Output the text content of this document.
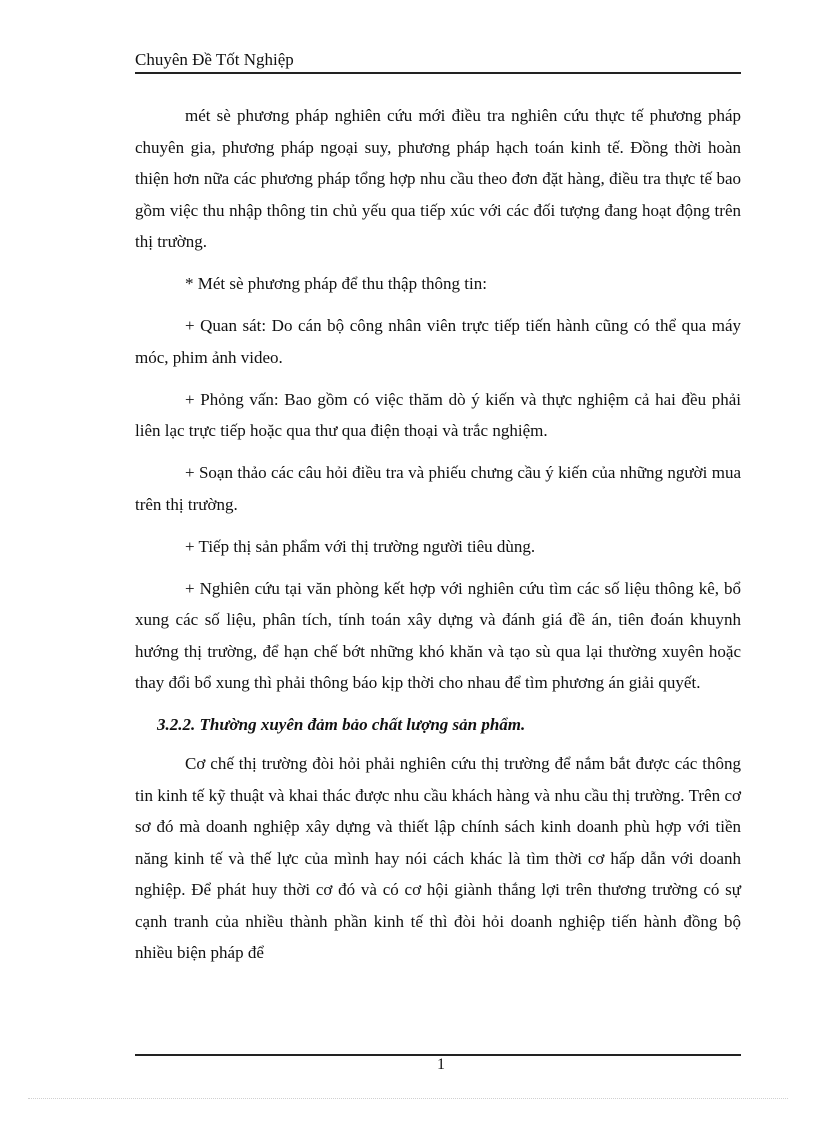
Chuyên Đề Tốt Nghiệp

mét sè phương pháp nghiên cứu mới điều tra nghiên cứu thực tế phương pháp chuyên gia, phương pháp ngoại suy, phương pháp hạch toán kinh tế. Đồng thời hoàn thiện hơn nữa các phương pháp tổng hợp nhu cầu theo đơn đặt hàng, điều tra thực tế bao gồm việc thu nhập thông tin chủ yếu qua tiếp xúc với các đối tượng đang hoạt động trên thị trường.

* Mét sè phương pháp để thu thập thông tin:

+ Quan sát: Do cán bộ công nhân viên trực tiếp tiến hành cũng có thể qua máy móc, phim ảnh video.

+ Phỏng vấn: Bao gồm có việc thăm dò ý kiến và thực nghiệm cả hai đều phải liên lạc trực tiếp hoặc qua thư qua điện thoại và trắc nghiệm.

+ Soạn thảo các câu hỏi điều tra và phiếu chưng cầu ý kiến của những người mua trên thị trường.

+ Tiếp thị sản phẩm với thị trường người tiêu dùng.

+ Nghiên cứu tại văn phòng kết hợp với nghiên cứu tìm các số liệu thông kê, bổ xung các số liệu, phân tích, tính toán xây dựng và đánh giá đề án, tiên đoán khuynh hướng thị trường, để hạn chế bớt những khó khăn và tạo sù qua lại thường xuyên hoặc thay đổi bổ xung thì phải thông báo kịp thời cho nhau để tìm phương án giải quyết.

3.2.2. Thường xuyên đảm bảo chất lượng sản phẩm.

Cơ chế thị trường đòi hỏi phải nghiên cứu thị trường để nắm bắt được các thông tin kinh tế kỹ thuật và khai thác được nhu cầu khách hàng và nhu cầu thị trường. Trên cơ sơ đó mà doanh nghiệp xây dựng và thiết lập chính sách kinh doanh phù hợp với tiền năng kinh tế và thế lực của mình hay nói cách khác là tìm thời cơ hấp dẫn với doanh nghiệp. Để phát huy thời cơ đó và có cơ hội giành thắng lợi trên thương trường có sự cạnh tranh của nhiều thành phần kinh tế thì đòi hỏi doanh nghiệp tiến hành đồng bộ nhiều biện pháp để

1
